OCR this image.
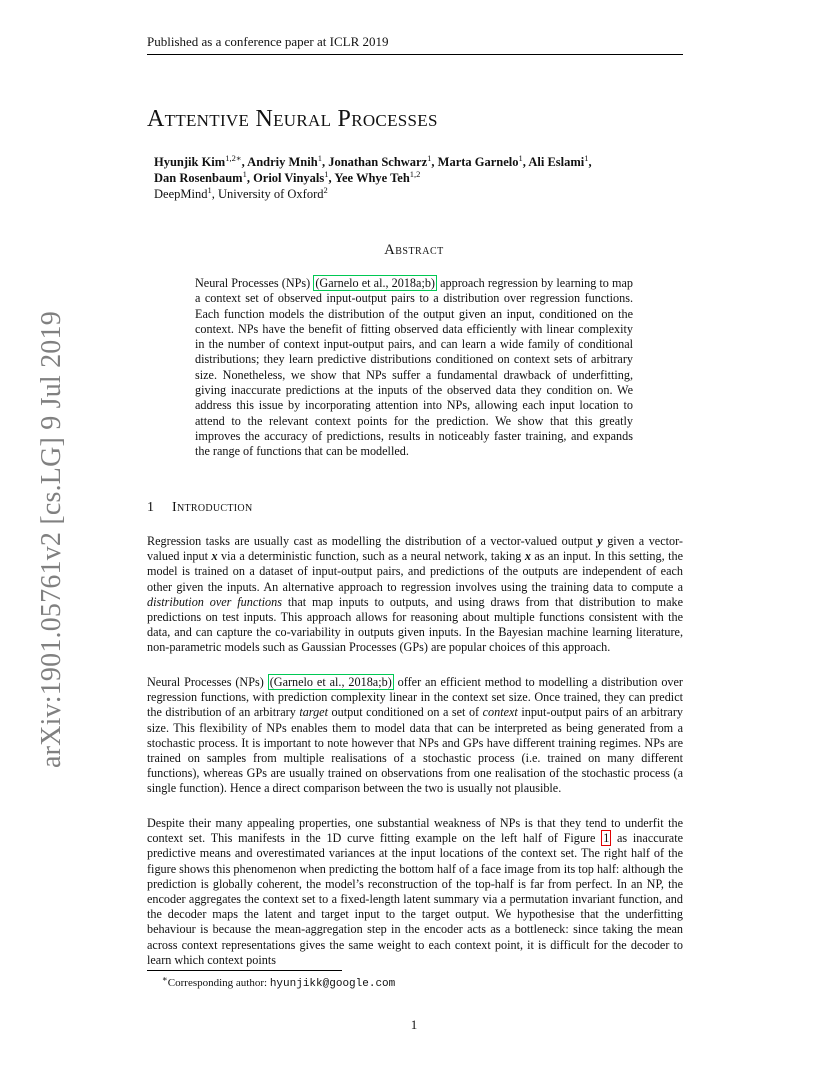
Published as a conference paper at ICLR 2019
arXiv:1901.05761v2 [cs.LG] 9 Jul 2019
Attentive Neural Processes
Hyunjik Kim$^{1,2∗}$, Andriy Mnih$^1$, Jonathan Schwarz$^1$, Marta Garnelo$^1$, Ali Eslami$^1$,
Dan Rosenbaum$^1$, Oriol Vinyals$^1$, Yee Whye Teh$^{1,2}$
DeepMind$^1$, University of Oxford$^2$
Abstract
Neural Processes (NPs) (Garnelo et al., 2018a;b) approach regression by learning to map a context set of observed input-output pairs to a distribution over regression functions. Each function models the distribution of the output given an input, conditioned on the context. NPs have the benefit of fitting observed data efficiently with linear complexity in the number of context input-output pairs, and can learn a wide family of conditional distributions; they learn predictive distributions conditioned on context sets of arbitrary size. Nonetheless, we show that NPs suffer a fundamental drawback of underfitting, giving inaccurate predictions at the inputs of the observed data they condition on. We address this issue by incorporating attention into NPs, allowing each input location to attend to the relevant context points for the prediction. We show that this greatly improves the accuracy of predictions, results in noticeably faster training, and expands the range of functions that can be modelled.
1 Introduction
Regression tasks are usually cast as modelling the distribution of a vector-valued output y given a vector-valued input x via a deterministic function, such as a neural network, taking x as an input. In this setting, the model is trained on a dataset of input-output pairs, and predictions of the outputs are independent of each other given the inputs. An alternative approach to regression involves using the training data to compute a distribution over functions that map inputs to outputs, and using draws from that distribution to make predictions on test inputs. This approach allows for reasoning about multiple functions consistent with the data, and can capture the co-variability in outputs given inputs. In the Bayesian machine learning literature, non-parametric models such as Gaussian Processes (GPs) are popular choices of this approach.
Neural Processes (NPs) (Garnelo et al., 2018a;b) offer an efficient method to modelling a distribution over regression functions, with prediction complexity linear in the context set size. Once trained, they can predict the distribution of an arbitrary target output conditioned on a set of context input-output pairs of an arbitrary size. This flexibility of NPs enables them to model data that can be interpreted as being generated from a stochastic process. It is important to note however that NPs and GPs have different training regimes. NPs are trained on samples from multiple realisations of a stochastic process (i.e. trained on many different functions), whereas GPs are usually trained on observations from one realisation of the stochastic process (a single function). Hence a direct comparison between the two is usually not plausible.
Despite their many appealing properties, one substantial weakness of NPs is that they tend to underfit the context set. This manifests in the 1D curve fitting example on the left half of Figure 1 as inaccurate predictive means and overestimated variances at the input locations of the context set. The right half of the figure shows this phenomenon when predicting the bottom half of a face image from its top half: although the prediction is globally coherent, the model’s reconstruction of the top-half is far from perfect. In an NP, the encoder aggregates the context set to a fixed-length latent summary via a permutation invariant function, and the decoder maps the latent and target input to the target output. We hypothesise that the underfitting behaviour is because the mean-aggregation step in the encoder acts as a bottleneck: since taking the mean across context representations gives the same weight to each context point, it is difficult for the decoder to learn which context points
∗Corresponding author: hyunjikk@google.com
1
